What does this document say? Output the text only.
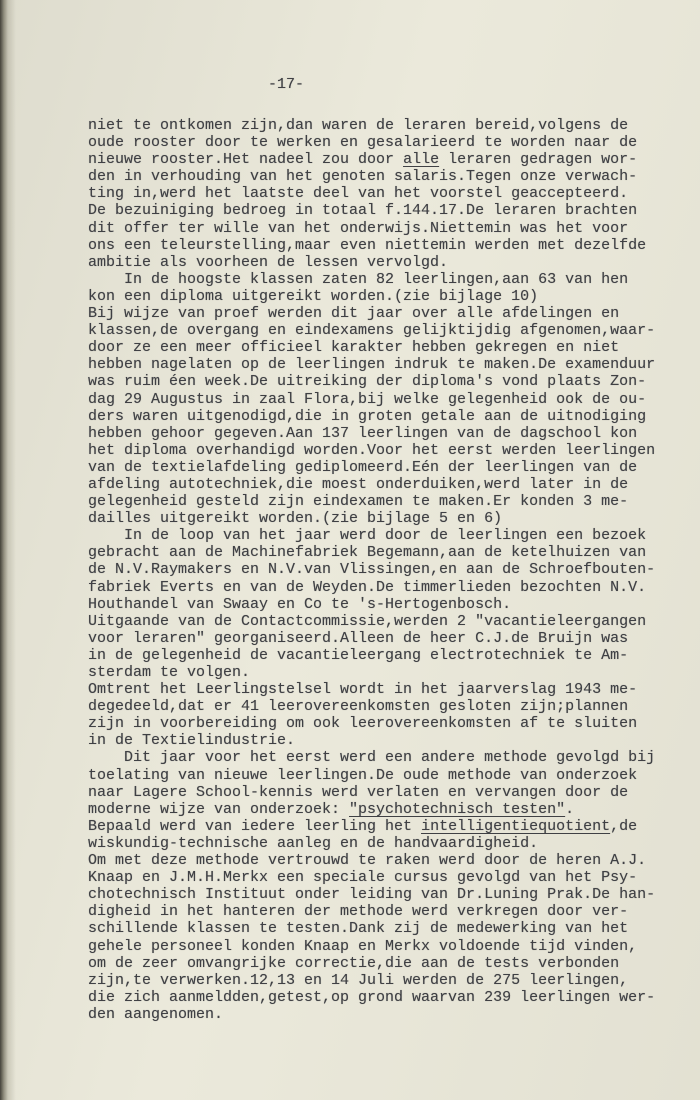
-17-
niet te ontkomen zijn,dan waren de leraren bereid,volgens de
oude rooster door te werken en gesalarieerd te worden naar de
nieuwe rooster.Het nadeel zou door alle leraren gedragen wor-
den in verhouding van het genoten salaris.Tegen onze verwach-
ting in,werd het laatste deel van het voorstel geaccepteerd.
De bezuiniging bedroeg in totaal f.144.17.De leraren brachten
dit offer ter wille van het onderwijs.Niettemin was het voor
ons een teleurstelling,maar even niettemin werden met dezelfde
ambitie als voorheen de lessen vervolgd.
In de hoogste klassen zaten 82 leerlingen,aan 63 van hen
kon een diploma uitgereikt worden.(zie bijlage 10)
Bij wijze van proef werden dit jaar over alle afdelingen en
klassen,de overgang en eindexamens gelijktijdig afgenomen,waar-
door ze een meer officieel karakter hebben gekregen en niet
hebben nagelaten op de leerlingen indruk te maken.De examenduur
was ruim éen week.De uitreiking der diploma's vond plaats Zon-
dag 29 Augustus in zaal Flora,bij welke gelegenheid ook de ou-
ders waren uitgenodigd,die in groten getale aan de uitnodiging
hebben gehoor gegeven.Aan 137 leerlingen van de dagschool kon
het diploma overhandigd worden.Voor het eerst werden leerlingen
van de textielafdeling gediplomeerd.Eén der leerlingen van de
afdeling autotechniek,die moest onderduiken,werd later in de
gelegenheid gesteld zijn eindexamen te maken.Er konden 3 me-
dailles uitgereikt worden.(zie bijlage 5 en 6)
In de loop van het jaar werd door de leerlingen een bezoek
gebracht aan de Machinefabriek Begemann,aan de ketelhuizen van
de N.V.Raymakers en N.V.van Vlissingen,en aan de Schroefbouten-
fabriek Everts en van de Weyden.De timmerlieden bezochten N.V.
Houthandel van Swaay en Co te 's-Hertogenbosch.
Uitgaande van de Contactcommissie,werden 2 "vacantieleergangen
voor leraren" georganiseerd.Alleen de heer C.J.de Bruijn was
in de gelegenheid de vacantieleergang electrotechniek te Am-
sterdam te volgen.
Omtrent het Leerlingstelsel wordt in het jaarverslag 1943 me-
degedeeld,dat er 41 leerovereenkomsten gesloten zijn;plannen
zijn in voorbereiding om ook leerovereenkomsten af te sluiten
in de Textielindustrie.
Dit jaar voor het eerst werd een andere methode gevolgd bij
toelating van nieuwe leerlingen.De oude methode van onderzoek
naar Lagere School-kennis werd verlaten en vervangen door de
moderne wijze van onderzoek: "psychotechnisch testen".
Bepaald werd van iedere leerling het intelligentiequotient,de
wiskundig-technische aanleg en de handvaardigheid.
Om met deze methode vertrouwd te raken werd door de heren A.J.
Knaap en J.M.H.Merkx een speciale cursus gevolgd van het Psy-
chotechnisch Instituut onder leiding van Dr.Luning Prak.De han-
digheid in het hanteren der methode werd verkregen door ver-
schillende klassen te testen.Dank zij de medewerking van het
gehele personeel konden Knaap en Merkx voldoende tijd vinden,
om de zeer omvangrijke correctie,die aan de tests verbonden
zijn,te verwerken.12,13 en 14 Juli werden de 275 leerlingen,
die zich aanmeldden,getest,op grond waarvan 239 leerlingen wer-
den aangenomen.
